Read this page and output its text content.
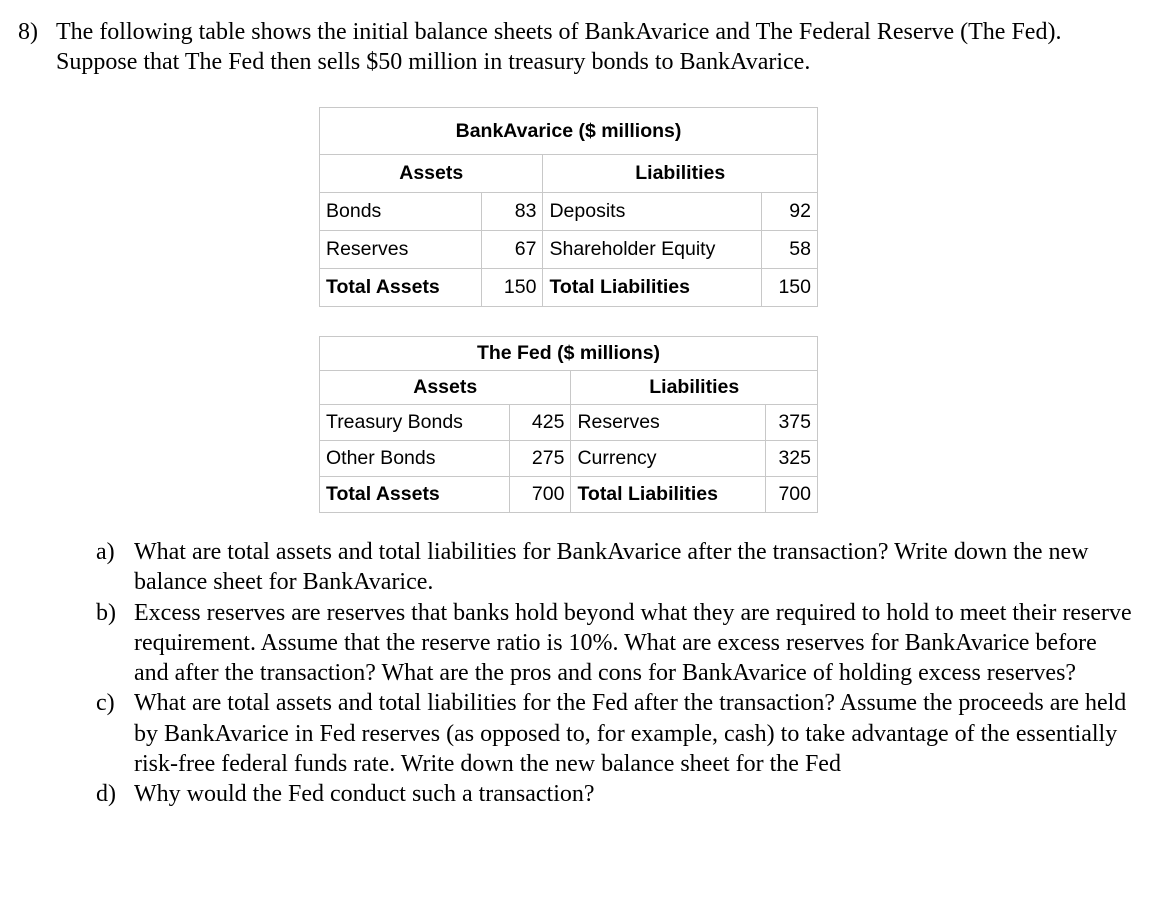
8) The following table shows the initial balance sheets of BankAvarice and The Federal Reserve (The Fed). Suppose that The Fed then sells $50 million in treasury bonds to BankAvarice.
BankAvarice ($ millions)			
Assets		Liabilities	
Bonds	83	Deposits	92
Reserves	67	Shareholder Equity	58
Total Assets	150	Total Liabilities	150
The Fed ($ millions)			
Assets		Liabilities	
Treasury Bonds	425	Reserves	375
Other Bonds	275	Currency	325
Total Assets	700	Total Liabilities	700
a) What are total assets and total liabilities for BankAvarice after the transaction? Write down the new balance sheet for BankAvarice.
b) Excess reserves are reserves that banks hold beyond what they are required to hold to meet their reserve requirement. Assume that the reserve ratio is 10%. What are excess reserves for BankAvarice before and after the transaction? What are the pros and cons for BankAvarice of holding excess reserves?
c) What are total assets and total liabilities for the Fed after the transaction? Assume the proceeds are held by BankAvarice in Fed reserves (as opposed to, for example, cash) to take advantage of the essentially risk-free federal funds rate. Write down the new balance sheet for the Fed
d) Why would the Fed conduct such a transaction?
